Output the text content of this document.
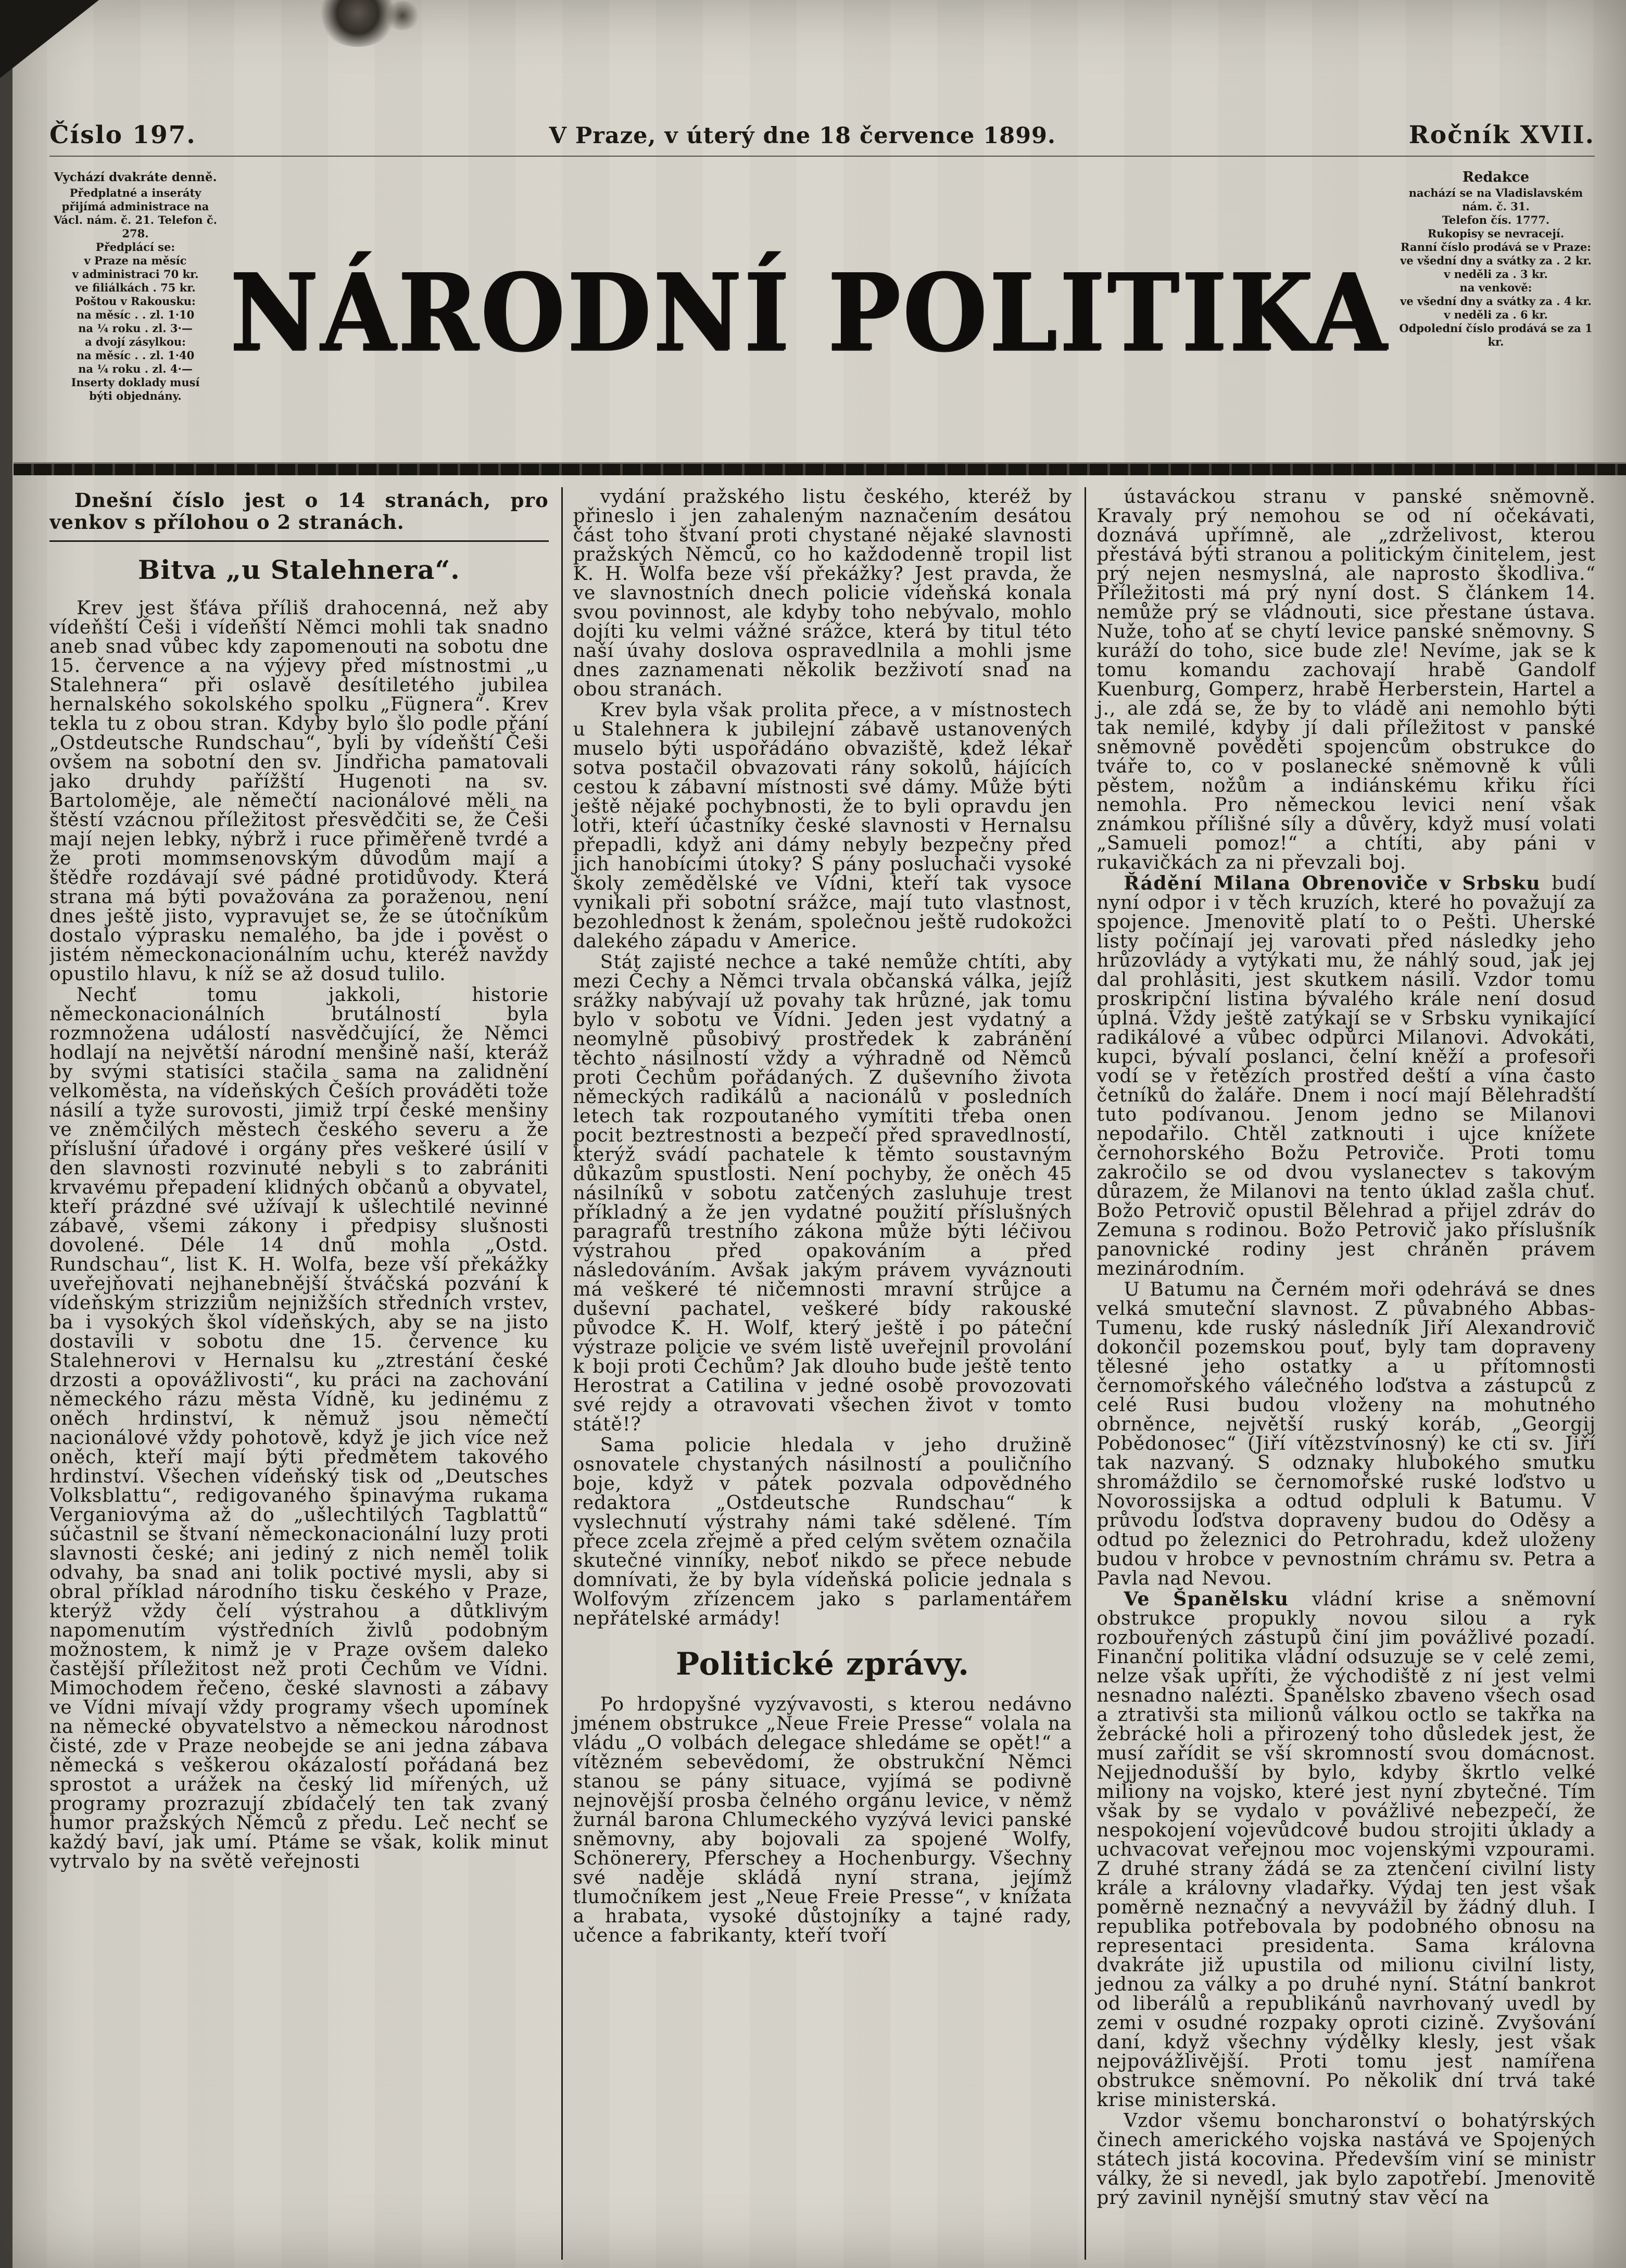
Číslo 197.	V Praze, v úterý dne 18 července 1899.	Ročník XVII.

Vychází dvakráte denně.

Předplatné a inseráty přijímá administrace na Václ. nám. č. 21. Telefon č. 278.

Předplácí se:

v Praze na měsíc

v administraci 70 kr.

ve filiálkách . 75 kr.

Poštou v Rakousku:

na měsíc . . zl. 1·10

na ¼ roku . zl. 3·—

a dvojí zásylkou:

na měsíc . . zl. 1·40

na ¼ roku . zl. 4·—

Inserty doklady musí

býti objednány.

NÁRODNÍ POLITIKA

Redakce

nachází se na Vladislavském nám. č. 31.

Telefon čís. 1777.

Rukopisy se nevracejí.

Ranní číslo prodává se v Praze:

ve všední dny a svátky za . 2 kr.

v neděli za . 3 kr.

na venkově:

ve všední dny a svátky za . 4 kr.

v neděli za . 6 kr.

Odpolední číslo prodává se za 1 kr.

Dnešní číslo jest o 14 stranách, pro venkov s přílohou o 2 stranách.

Bitva „u Stalehnera“.

Krev jest šťáva příliš drahocenná, než aby vídeňští Češi i vídeňští Němci mohli tak snadno aneb snad vůbec kdy zapomenouti na sobotu dne 15. července a na výjevy před místnostmi „u Stalehnera“ při oslavě desítiletého jubilea hernalského sokolského spolku „Fügnera“. Krev tekla tu z obou stran. Kdyby bylo šlo podle přání „Ostdeutsche Rundschau“, byli by vídeňští Češi ovšem na sobotní den sv. Jindřicha pamatovali jako druhdy pařížští Hugenoti na sv. Bartoloměje, ale němečtí nacionálové měli na štěstí vzácnou příležitost přesvědčiti se, že Češi mají nejen lebky, nýbrž i ruce přiměřeně tvrdé a že proti mommsenovským důvodům mají a štědře rozdávají své pádné protidůvody. Která strana má býti považována za poraženou, není dnes ještě jisto, vypravujet se, že se útočníkům dostalo výprasku nemalého, ba jde i pověst o jistém německonacionálním uchu, kteréž navždy opustilo hlavu, k níž se až dosud tulilo.

Nechť tomu jakkoli, historie německonacionálních brutálností byla rozmnožena událostí nasvědčující, že Němci hodlají na největší národní menšině naší, kteráž by svými statisíci stačila sama na zalidnění velkoměsta, na vídeňských Češích prováděti tože násilí a tyže surovosti, jimiž trpí české menšiny ve zněmčilých městech českého severu a že příslušní úřadové i orgány přes veškeré úsilí v den slavnosti rozvinuté nebyli s to zabrániti krvavému přepadení klidných občanů a obyvatel, kteří prázdné své užívají k ušlechtilé nevinné zábavě, všemi zákony i předpisy slušnosti dovolené. Déle 14 dnů mohla „Ostd. Rundschau“, list K. H. Wolfa, beze vší překážky uveřejňovati nejhanebnější štváčská pozvání k vídeňským strizziům nejnižších středních vrstev, ba i vysokých škol vídeňských, aby se na jisto dostavili v sobotu dne 15. července ku Stalehnerovi v Hernalsu ku „ztrestání české drzosti a opovážlivosti“, ku práci na zachování německého rázu města Vídně, ku jedinému z oněch hrdinství, k němuž jsou němečtí nacionálové vždy pohotově, když je jich více než oněch, kteří mají býti předmětem takového hrdinství. Všechen vídeňský tisk od „Deutsches Volksblattu“, redigovaného špinavýma rukama Verganiovýma až do „ušlechtilých Tagblattů“ súčastnil se štvaní německonacionální luzy proti slavnosti české; ani jediný z nich neměl tolik odvahy, ba snad ani tolik poctivé mysli, aby si obral příklad národního tisku českého v Praze, kterýž vždy čelí výstrahou a důtklivým napomenutím výstředních živlů podobným možnostem, k nimž je v Praze ovšem daleko častější příležitost než proti Čechům ve Vídni. Mimochodem řečeno, české slavnosti a zábavy ve Vídni mívají vždy programy všech upomínek na německé obyvatelstvo a německou národnost čisté, zde v Praze neobejde se ani jedna zábava německá s veškerou okázalostí pořádaná bez sprostot a urážek na český lid mířených, už programy prozrazují zbídačelý ten tak zvaný humor pražských Němců z předu. Leč nechť se každý baví, jak umí. Ptáme se však, kolik minut vytrvalo by na světě veřejnosti

vydání pražského listu českého, kteréž by přineslo i jen zahaleným naznačením desátou část toho štvaní proti chystané nějaké slavnosti pražských Němců, co ho každodenně tropil list K. H. Wolfa beze vší překážky? Jest pravda, že ve slavnostních dnech policie vídeňská konala svou povinnost, ale kdyby toho nebývalo, mohlo dojíti ku velmi vážné srážce, která by titul této naší úvahy doslova ospravedlnila a mohli jsme dnes zaznamenati několik bezživotí snad na obou stranách.

Krev byla však prolita přece, a v místnostech u Stalehnera k jubilejní zábavě ustanovených muselo býti uspořádáno obvaziště, kdež lékař sotva postačil obvazovati rány sokolů, hájících cestou k zábavní místnosti své dámy. Může býti ještě nějaké pochybnosti, že to byli opravdu jen lotři, kteří účastníky české slavnosti v Hernalsu přepadli, když ani dámy nebyly bezpečny před jich hanobícími útoky? S pány posluchači vysoké školy zemědělské ve Vídni, kteří tak vysoce vynikali při sobotní srážce, mají tuto vlastnost, bezohlednost k ženám, společnou ještě rudokožci dalekého západu v Americe.

Stát zajisté nechce a také nemůže chtíti, aby mezi Čechy a Němci trvala občanská válka, jejíž srážky nabývají už povahy tak hrůzné, jak tomu bylo v sobotu ve Vídni. Jeden jest vydatný a neomylně působivý prostředek k zabránění těchto násilností vždy a výhradně od Němců proti Čechům pořádaných. Z duševního života německých radikálů a nacionálů v posledních letech tak rozpoutaného vymítiti třeba onen pocit beztrestnosti a bezpečí před spravedlností, kterýž svádí pachatele k těmto soustavným důkazům spustlosti. Není pochyby, že oněch 45 násilníků v sobotu zatčených zasluhuje trest příkladný a že jen vydatné použití příslušných paragrafů trestního zákona může býti léčivou výstrahou před opakováním a před následováním. Avšak jakým právem vyváznouti má veškeré té ničemnosti mravní strůjce a duševní pachatel, veškeré bídy rakouské původce K. H. Wolf, který ještě i po páteční výstraze policie ve svém listě uveřejnil provolání k boji proti Čechům? Jak dlouho bude ještě tento Herostrat a Catilina v jedné osobě provozovati své rejdy a otravovati všechen život v tomto státě!?

Sama policie hledala v jeho družině osnovatele chystaných násilností a pouličního boje, když v pátek pozvala odpovědného redaktora „Ostdeutsche Rundschau“ k vyslechnutí výstrahy námi také sdělené. Tím přece zcela zřejmě a před celým světem označila skutečné vinníky, neboť nikdo se přece nebude domnívati, že by byla vídeňská policie jednala s Wolfovým zřízencem jako s parlamentářem nepřátelské armády!

Politické zprávy.

Po hrdopyšné vyzývavosti, s kterou nedávno jménem obstrukce „Neue Freie Presse“ volala na vládu „O volbách delegace shledáme se opět!“ a vítězném sebevědomí, že obstrukční Němci stanou se pány situace, vyjímá se podivně nejnovější prosba čelného orgánu levice, v němž žurnál barona Chlumeckého vyzývá levici panské sněmovny, aby bojovali za spojené Wolfy, Schönerery, Pferschey a Hochenburgy. Všechny své naděje skládá nyní strana, jejímž tlumočníkem jest „Neue Freie Presse“, v knížata a hrabata, vysoké důstojníky a tajné rady, učence a fabrikanty, kteří tvoří

ústaváckou stranu v panské sněmovně. Kravaly prý nemohou se od ní očekávati, doznává upřímně, ale „zdrželivost, kterou přestává býti stranou a politickým činitelem, jest prý nejen nesmyslná, ale naprosto škodliva.“ Příležitosti má prý nyní dost. S článkem 14. nemůže prý se vládnouti, sice přestane ústava. Nuže, toho ať se chytí levice panské sněmovny. S kuráží do toho, sice bude zle! Nevíme, jak se k tomu komandu zachovají hrabě Gandolf Kuenburg, Gomperz, hrabě Herberstein, Hartel a j., ale zdá se, že by to vládě ani nemohlo býti tak nemilé, kdyby jí dali příležitost v panské sněmovně pověděti spojencům obstrukce do tváře to, co v poslanecké sněmovně k vůli pěstem, nožům a indiánskému křiku říci nemohla. Pro německou levici není však známkou přílišné síly a důvěry, když musí volati „Samueli pomoz!“ a chtíti, aby páni v rukavičkách za ni převzali boj.

Řádění Milana Obrenoviče v Srbsku budí nyní odpor i v těch kruzích, které ho považují za spojence. Jmenovitě platí to o Pešti. Uherské listy počínají jej varovati před následky jeho hrůzovlády a vytýkati mu, že náhlý soud, jak jej dal prohlásiti, jest skutkem násilí. Vzdor tomu proskripční listina bývalého krále není dosud úplná. Vždy ještě zatýkají se v Srbsku vynikající radikálové a vůbec odpůrci Milanovi. Advokáti, kupci, bývalí poslanci, čelní kněží a profesoři vodí se v řetězích prostřed deští a vína často četníků do žaláře. Dnem i nocí mají Bělehradští tuto podívanou. Jenom jedno se Milanovi nepodařilo. Chtěl zatknouti i ujce knížete černohorského Božu Petroviče. Proti tomu zakročilo se od dvou vyslanectev s takovým důrazem, že Milanovi na tento úklad zašla chuť. Božo Petrovič opustil Bělehrad a přijel zdráv do Zemuna s rodinou. Božo Petrovič jako příslušník panovnické rodiny jest chráněn právem mezinárodním.

U Batumu na Černém moři odehrává se dnes velká smuteční slavnost. Z půvabného Abbas-Tumenu, kde ruský následník Jiří Alexandrovič dokončil pozemskou pouť, byly tam dopraveny tělesné jeho ostatky a u přítomnosti černomořského válečného loďstva a zástupců z celé Rusi budou vloženy na mohutného obrněnce, největší ruský koráb, „Georgij Pobědonosec“ (Jiří vítězstvínosný) ke cti sv. Jiří tak nazvaný. S odznaky hlubokého smutku shromáždilo se černomořské ruské loďstvo u Novorossijska a odtud odpluli k Batumu. V průvodu loďstva dopraveny budou do Oděsy a odtud po železnici do Petrohradu, kdež uloženy budou v hrobce v pevnostním chrámu sv. Petra a Pavla nad Nevou.

Ve Španělsku vládní krise a sněmovní obstrukce propukly novou silou a ryk rozbouřených zástupů činí jim povážlivé pozadí. Finanční politika vládní odsuzuje se v celé zemi, nelze však upříti, že východiště z ní jest velmi nesnadno nalézti. Španělsko zbaveno všech osad a ztrativši sta milionů válkou octlo se takřka na žebrácké holi a přirozený toho důsledek jest, že musí zařídit se vší skromností svou domácnost. Nejjednodušší by bylo, kdyby škrtlo velké miliony na vojsko, které jest nyní zbytečné. Tím však by se vydalo v povážlivé nebezpečí, že nespokojení vojevůdcové budou strojiti úklady a uchvacovat veřejnou moc vojenskými vzpourami. Z druhé strany žádá se za ztenčení civilní listy krále a královny vladařky. Výdaj ten jest však poměrně neznačný a nevyvážil by žádný dluh. I republika potřebovala by podobného obnosu na representaci presidenta. Sama královna dvakráte již upustila od milionu civilní listy, jednou za války a po druhé nyní. Státní bankrot od liberálů a republikánů navrhovaný uvedl by zemi v osudné rozpaky oproti cizině. Zvyšování daní, když všechny výdělky klesly, jest však nejpovážlivější. Proti tomu jest namířena obstrukce sněmovní. Po několik dní trvá také krise ministerská.

Vzdor všemu boncharonství o bohatýrských činech amerického vojska nastává ve Spojených státech jistá kocovina. Především viní se ministr války, že si nevedl, jak bylo zapotřebí. Jmenovitě prý zavinil nynější smutný stav věcí na
